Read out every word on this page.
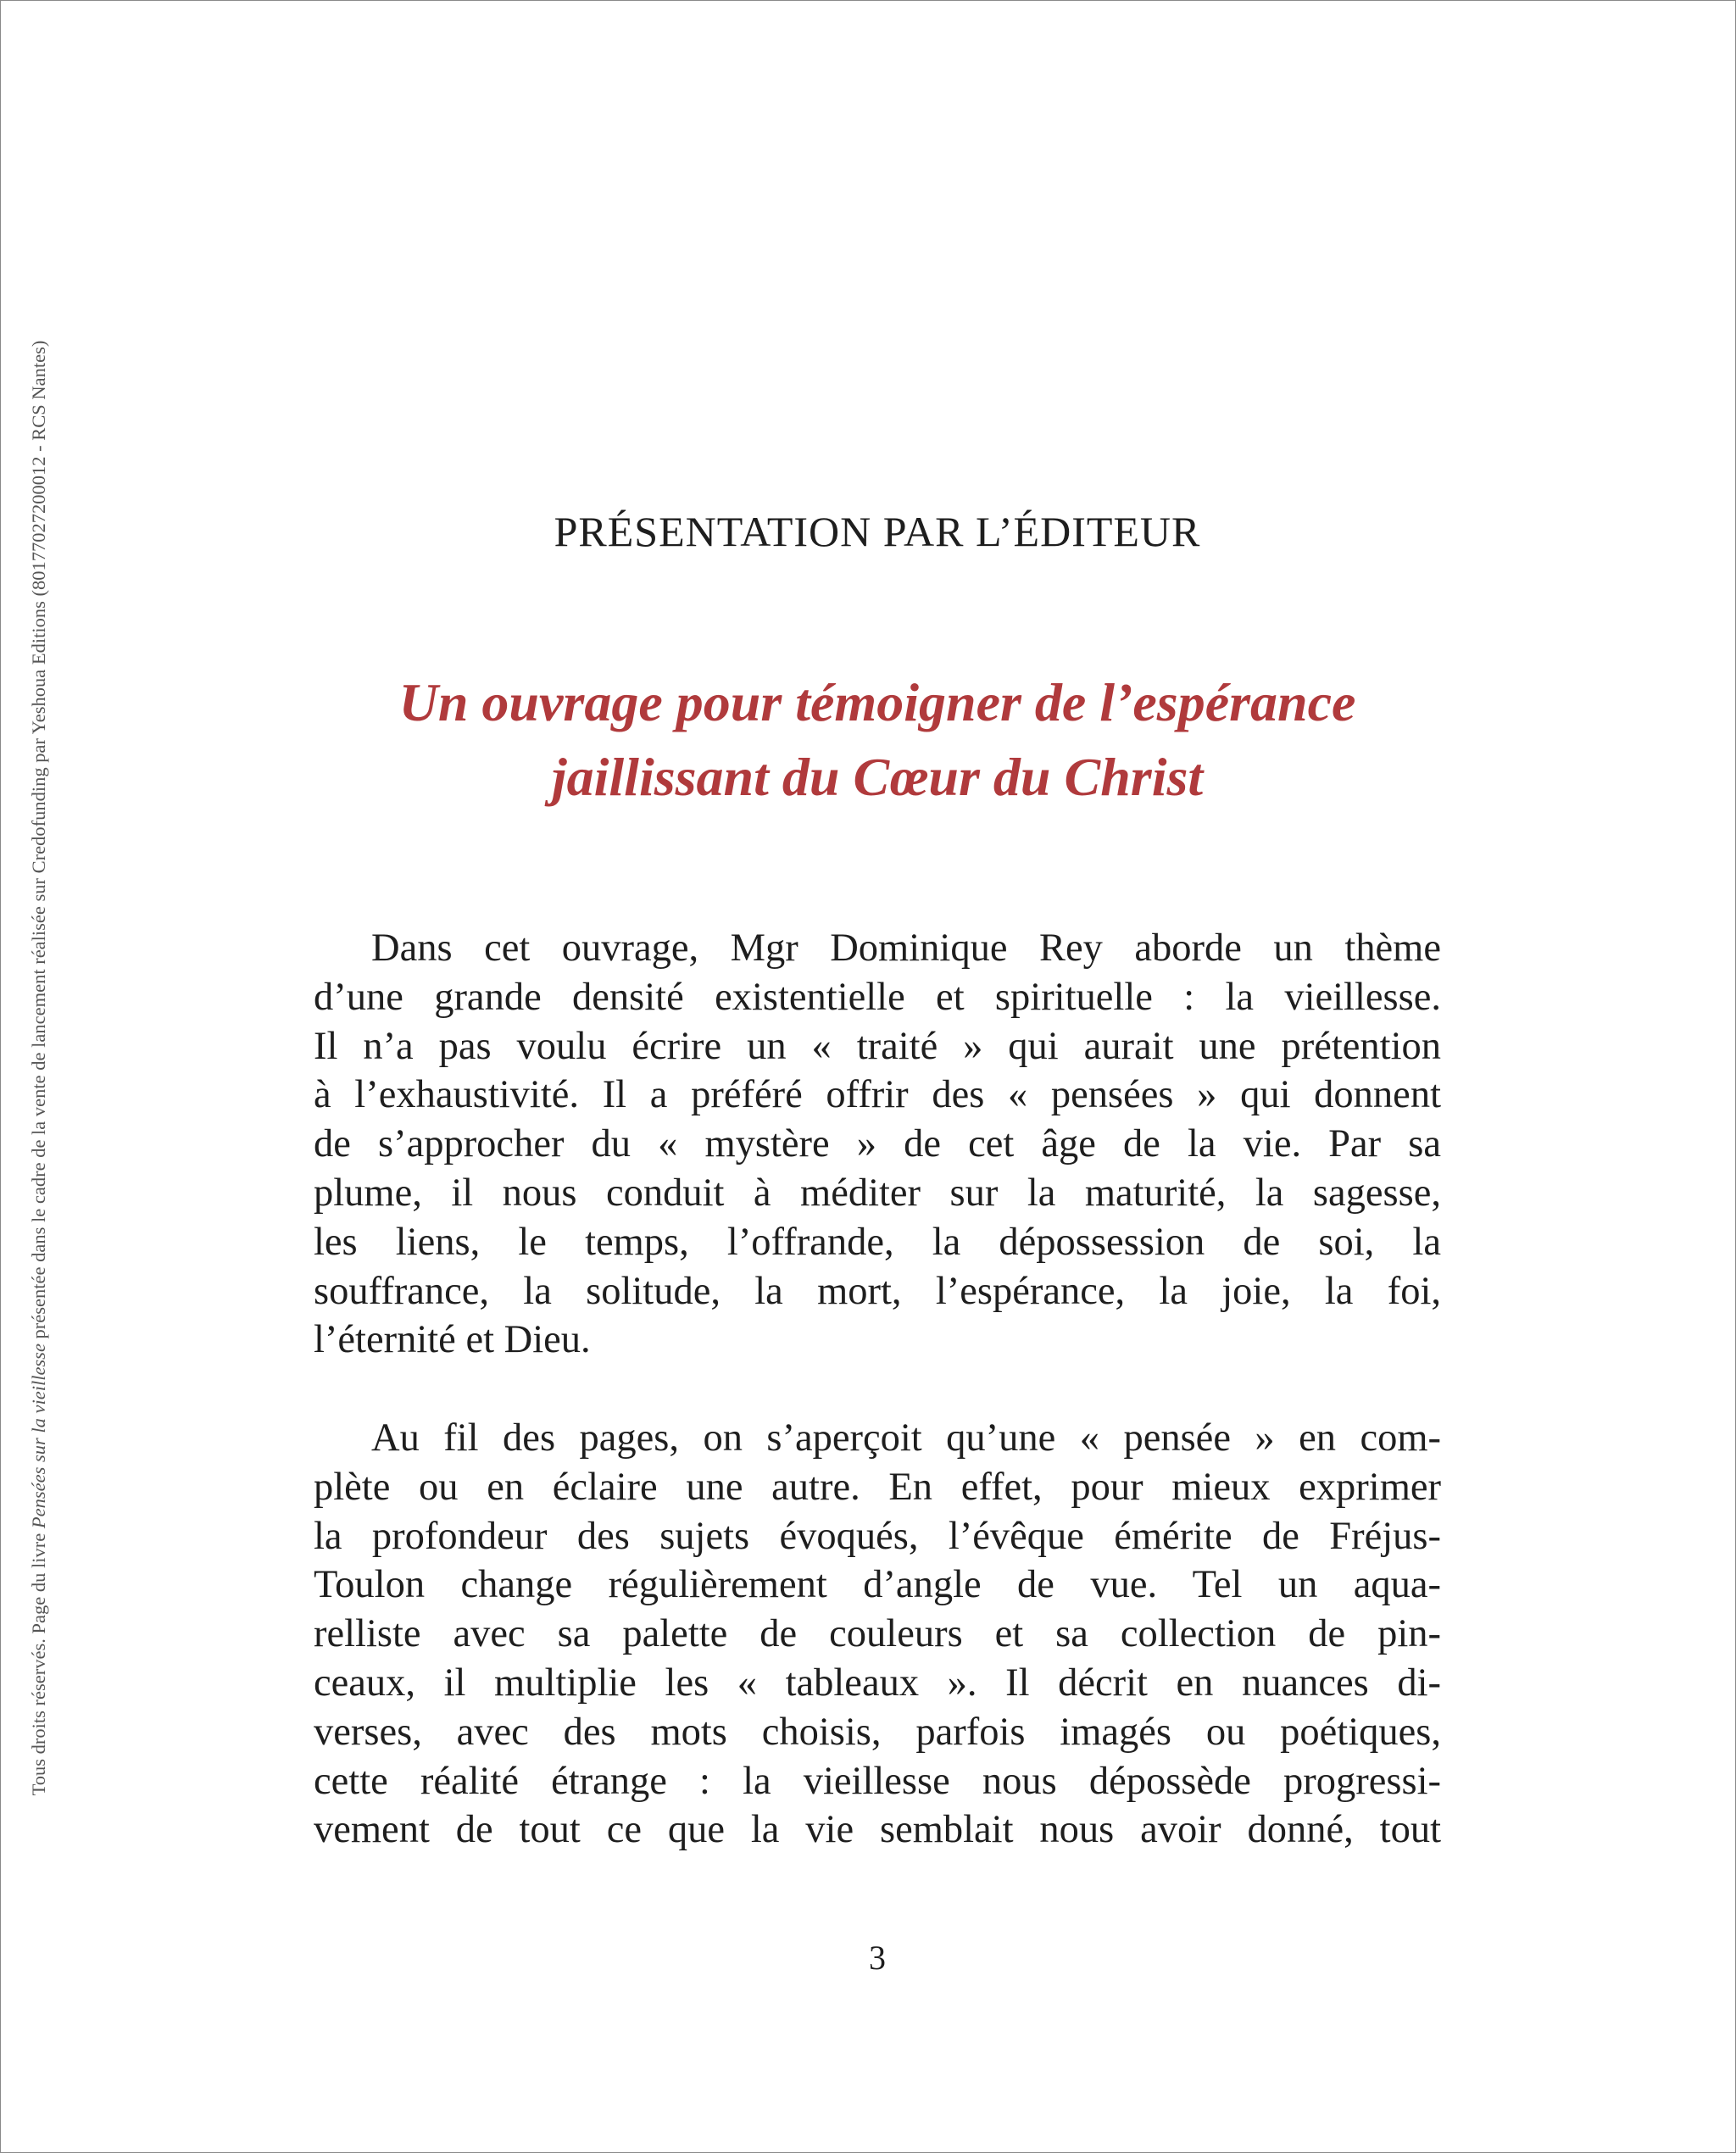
Tous droits réservés. Page du livre Pensées sur la vieillesse présentée dans le cadre de la vente de lancement réalisée sur Credofunding par Yeshoua Editions (80177027200012 - RCS Nantes)	PRÉSENTATION PAR L’ÉDITEUR
Un ouvrage pour témoigner de l’espérance
jaillissant du Cœur du Christ

Dans cet ouvrage, Mgr Dominique Rey aborde un thème
d’une grande densité existentielle et spirituelle : la vieillesse.
Il n’a pas voulu écrire un « traité » qui aurait une prétention
à l’exhaustivité. Il a préféré offrir des « pensées » qui donnent
de s’approcher du « mystère » de cet âge de la vie. Par sa
plume, il nous conduit à méditer sur la maturité, la sagesse,
les liens, le temps, l’offrande, la dépossession de soi, la
souffrance, la solitude, la mort, l’espérance, la joie, la foi,
l’éternité et Dieu.

Au fil des pages, on s’aperçoit qu’une « pensée » en com-
plète ou en éclaire une autre. En effet, pour mieux exprimer
la profondeur des sujets évoqués, l’évêque émérite de Fréjus-
Toulon change régulièrement d’angle de vue. Tel un aqua-
relliste avec sa palette de couleurs et sa collection de pin-
ceaux, il multiplie les « tableaux ». Il décrit en nuances di-
verses, avec des mots choisis, parfois imagés ou poétiques,
cette réalité étrange : la vieillesse nous dépossède progressi-
vement de tout ce que la vie semblait nous avoir donné, tout

3
